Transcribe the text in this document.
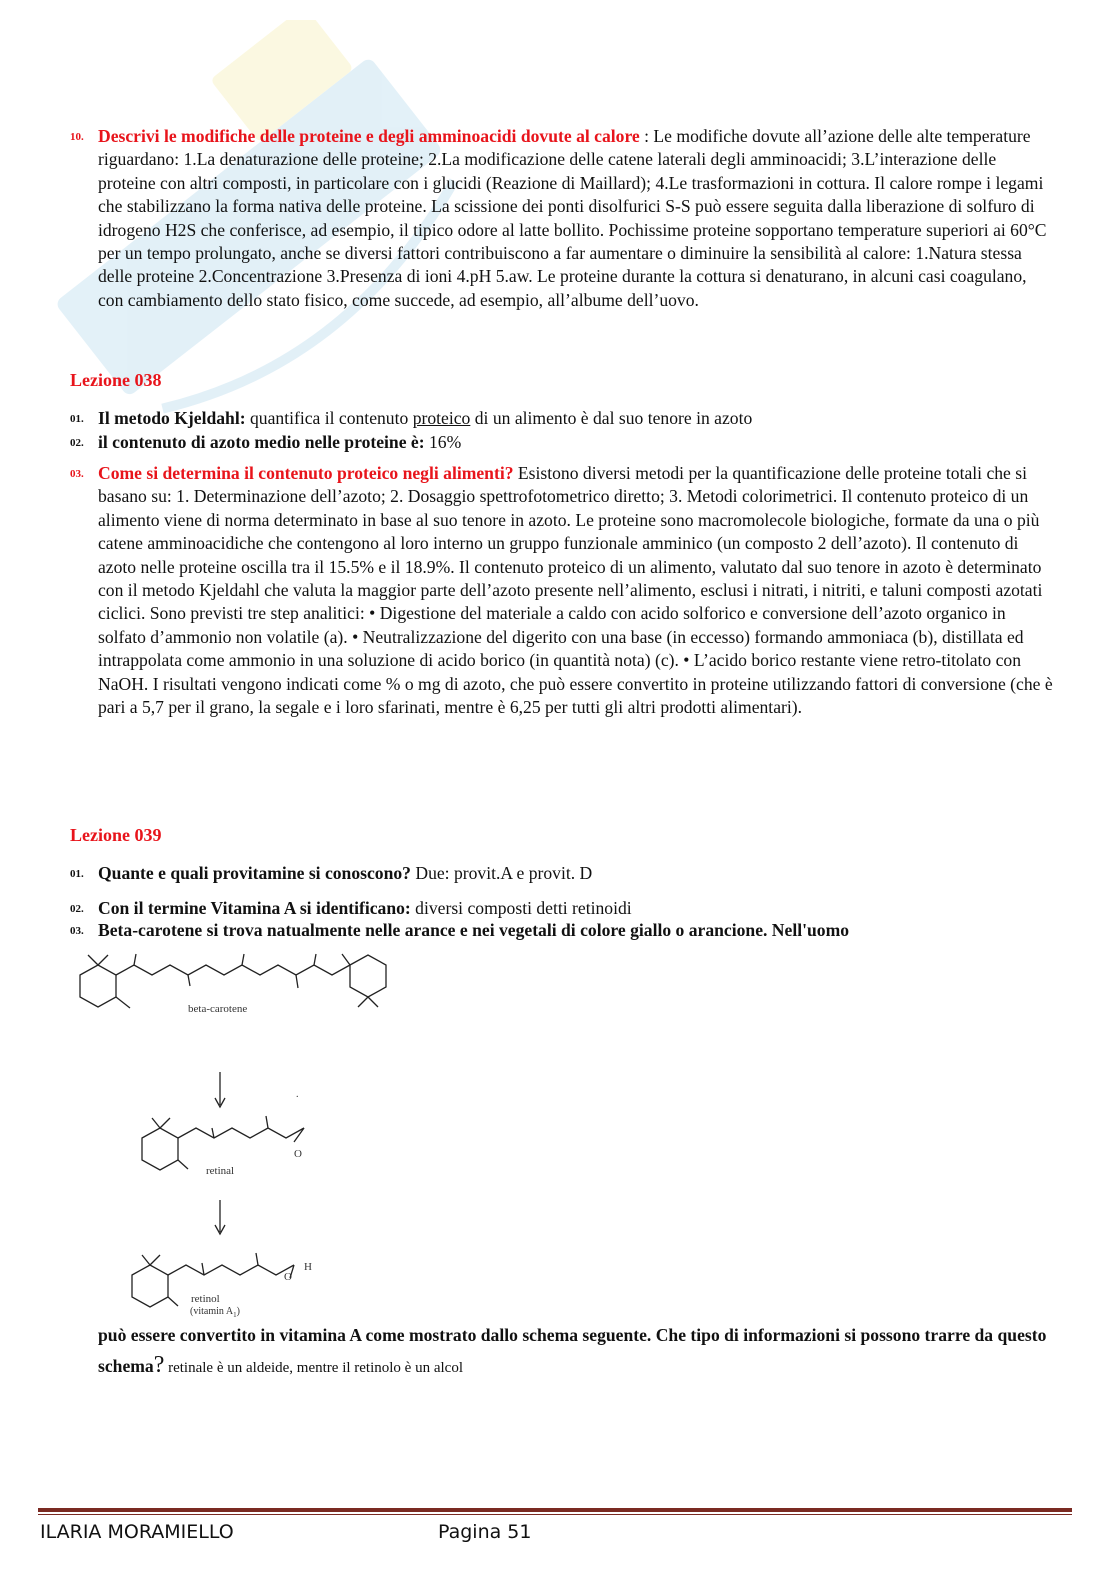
10. Descrivi le modifiche delle proteine e degli amminoacidi dovute al calore : Le modifiche dovute all’azione delle alte temperature riguardano: 1.La denaturazione delle proteine; 2.La modificazione delle catene laterali degli amminoacidi; 3.L’interazione delle proteine con altri composti, in particolare con i glucidi (Reazione di Maillard); 4.Le trasformazioni in cottura. Il calore rompe i legami che stabilizzano la forma nativa delle proteine. La scissione dei ponti disolfurici S-S può essere seguita dalla liberazione di solfuro di idrogeno H2S che conferisce, ad esempio, il tipico odore al latte bollito. Pochissime proteine sopportano temperature superiori ai 60°C per un tempo prolungato, anche se diversi fattori contribuiscono a far aumentare o diminuire la sensibilità al calore: 1.Natura stessa delle proteine 2.Concentrazione 3.Presenza di ioni 4.pH 5.aw. Le proteine durante la cottura si denaturano, in alcuni casi coagulano, con cambiamento dello stato fisico, come succede, ad esempio, all’albume dell’uovo.
Lezione 038
01. Il metodo Kjeldahl: quantifica il contenuto proteico di un alimento è dal suo tenore in azoto
02. il contenuto di azoto medio nelle proteine è: 16%
03. Come si determina il contenuto proteico negli alimenti? Esistono diversi metodi per la quantificazione delle proteine totali che si basano su: 1. Determinazione dell’azoto; 2. Dosaggio spettrofotometrico diretto; 3. Metodi colorimetrici. Il contenuto proteico di un alimento viene di norma determinato in base al suo tenore in azoto. Le proteine sono macromolecole biologiche, formate da una o più catene amminoacidiche che contengono al loro interno un gruppo funzionale amminico (un composto 2 dell’azoto). Il contenuto di azoto nelle proteine oscilla tra il 15.5% e il 18.9%. Il contenuto proteico di un alimento, valutato dal suo tenore in azoto è determinato con il metodo Kjeldahl che valuta la maggior parte dell’azoto presente nell’alimento, esclusi i nitrati, i nitriti, e taluni composti azotati ciclici. Sono previsti tre step analitici: • Digestione del materiale a caldo con acido solforico e conversione dell’azoto organico in solfato d’ammonio non volatile (a). • Neutralizzazione del digerito con una base (in eccesso) formando ammoniaca (b), distillata ed intrappolata come ammonio in una soluzione di acido borico (in quantità nota) (c). • L’acido borico restante viene retro-titolato con NaOH. I risultati vengono indicati come % o mg di azoto, che può essere convertito in proteine utilizzando fattori di conversione (che è pari a 5,7 per il grano, la segale e i loro sfarinati, mentre è 6,25 per tutti gli altri prodotti alimentari).
Lezione 039
01. Quante e quali provitamine si conoscono? Due: provit.A e provit. D
02. Con il termine Vitamina A si identificano: diversi composti detti retinoidi
03. Beta-carotene si trova natualmente nelle arance e nei vegetali di colore giallo o arancione. Nell'uomo
beta-carotene
.
O
retinal
O
H
retinol
(vitamin $A_1$)
può essere convertito in vitamina A come mostrato dallo schema seguente. Che tipo di informazioni si possono trarre da questo schema? retinale è un aldeide, mentre il retinolo è un alcol
ILARIA MORAMIELLO	Pagina 51
